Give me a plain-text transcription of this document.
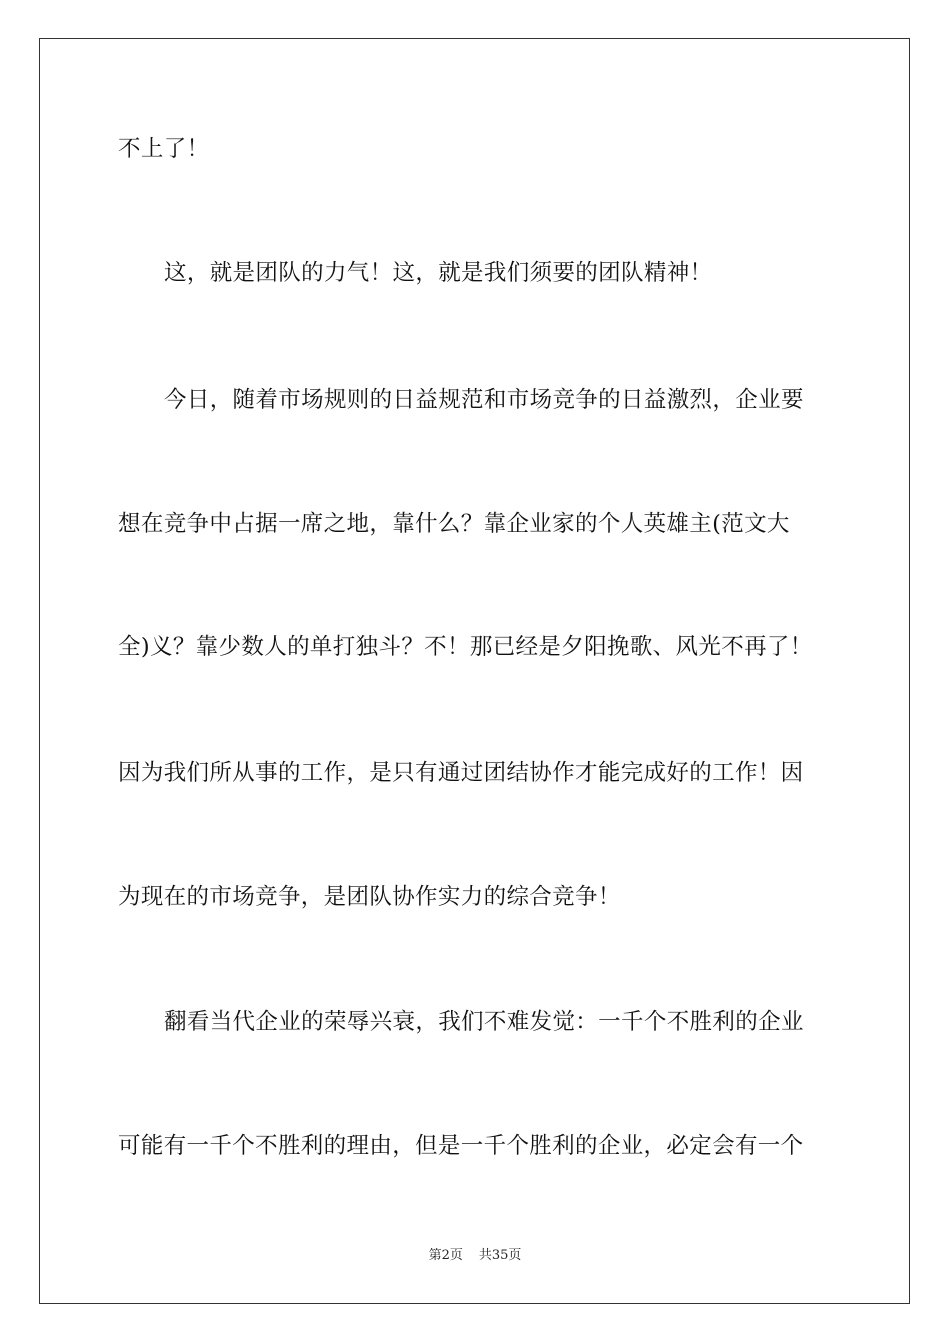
不上了！
这，就是团队的力气！这，就是我们须要的团队精神！
今日，随着市场规则的日益规范和市场竞争的日益激烈，企业要
想在竞争中占据一席之地，靠什么？靠企业家的个人英雄主(范文大
全)义？靠少数人的单打独斗？不！那已经是夕阳挽歌、风光不再了！
因为我们所从事的工作，是只有通过团结协作才能完成好的工作！因
为现在的市场竞争，是团队协作实力的综合竞争！
翻看当代企业的荣辱兴衰，我们不难发觉：一千个不胜利的企业
可能有一千个不胜利的理由，但是一千个胜利的企业，必定会有一个
第2页 共35页
